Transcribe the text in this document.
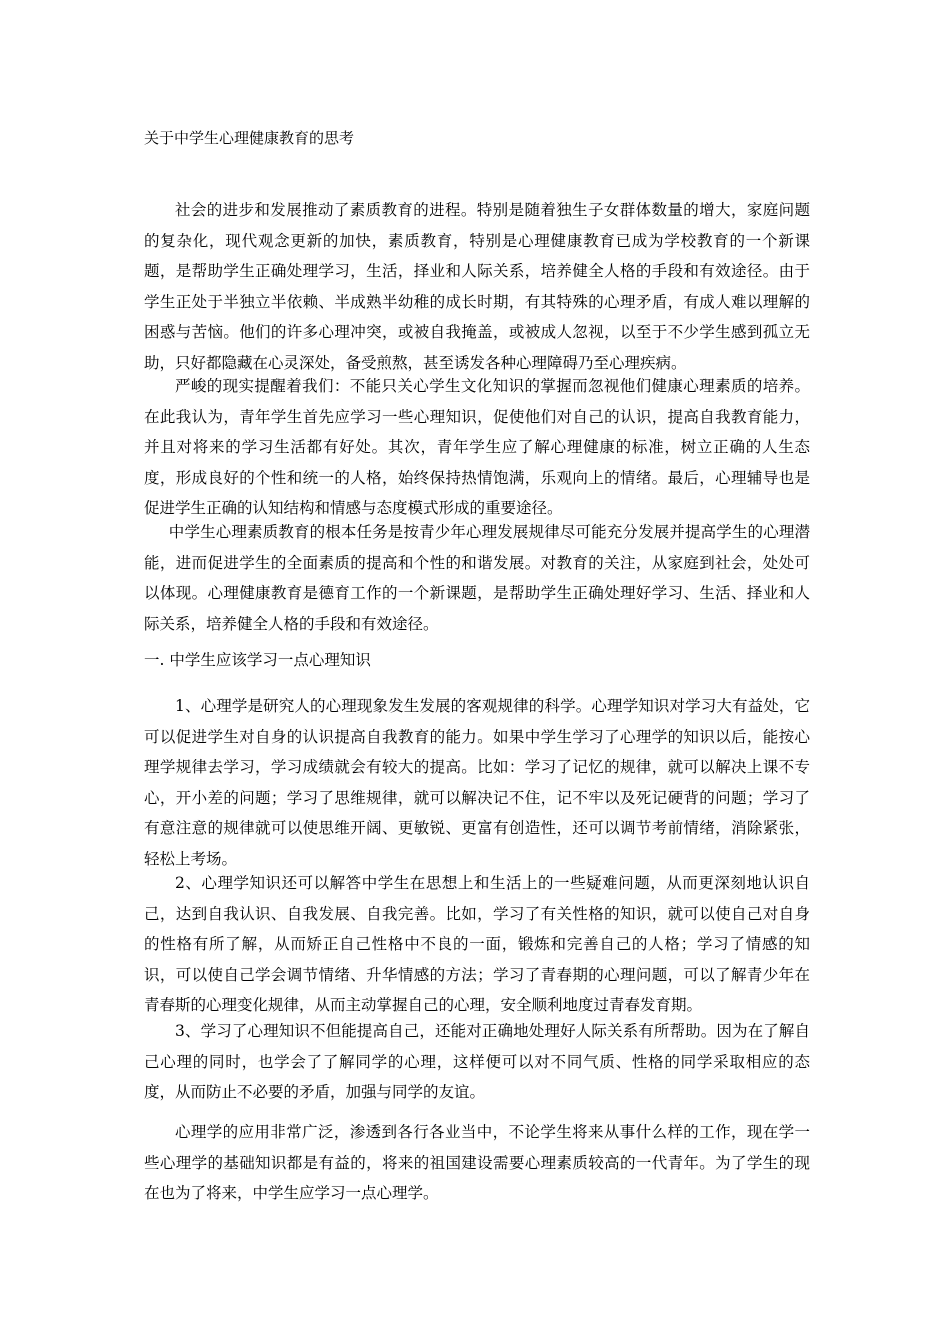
关于中学生心理健康教育的思考

社会的进步和发展推动了素质教育的进程。特别是随着独生子女群体数量的增大，家庭问题的复杂化，现代观念更新的加快，素质教育，特别是心理健康教育已成为学校教育的一个新课题，是帮助学生正确处理学习，生活，择业和人际关系，培养健全人格的手段和有效途径。由于学生正处于半独立半依赖、半成熟半幼稚的成长时期，有其特殊的心理矛盾，有成人难以理解的困惑与苦恼。他们的许多心理冲突，或被自我掩盖，或被成人忽视，以至于不少学生感到孤立无助，只好都隐藏在心灵深处，备受煎熬，甚至诱发各种心理障碍乃至心理疾病。

严峻的现实提醒着我们：不能只关心学生文化知识的掌握而忽视他们健康心理素质的培养。在此我认为，青年学生首先应学习一些心理知识，促使他们对自己的认识，提高自我教育能力，并且对将来的学习生活都有好处。其次，青年学生应了解心理健康的标准，树立正确的人生态度，形成良好的个性和统一的人格，始终保持热情饱满，乐观向上的情绪。最后，心理辅导也是促进学生正确的认知结构和情感与态度模式形成的重要途径。

中学生心理素质教育的根本任务是按青少年心理发展规律尽可能充分发展并提高学生的心理潜能，进而促进学生的全面素质的提高和个性的和谐发展。对教育的关注，从家庭到社会，处处可以体现。心理健康教育是德育工作的一个新课题，是帮助学生正确处理好学习、生活、择业和人际关系，培养健全人格的手段和有效途径。

一. 中学生应该学习一点心理知识

1、心理学是研究人的心理现象发生发展的客观规律的科学。心理学知识对学习大有益处，它可以促进学生对自身的认识提高自我教育的能力。如果中学生学习了心理学的知识以后，能按心理学规律去学习，学习成绩就会有较大的提高。比如：学习了记忆的规律，就可以解决上课不专心，开小差的问题；学习了思维规律，就可以解决记不住，记不牢以及死记硬背的问题；学习了有意注意的规律就可以使思维开阔、更敏锐、更富有创造性，还可以调节考前情绪，消除紧张，轻松上考场。

2、心理学知识还可以解答中学生在思想上和生活上的一些疑难问题，从而更深刻地认识自己，达到自我认识、自我发展、自我完善。比如，学习了有关性格的知识，就可以使自己对自身的性格有所了解，从而矫正自己性格中不良的一面，锻炼和完善自己的人格；学习了情感的知识，可以使自己学会调节情绪、升华情感的方法；学习了青春期的心理问题，可以了解青少年在青春斯的心理变化规律，从而主动掌握自己的心理，安全顺利地度过青春发育期。

3、学习了心理知识不但能提高自己，还能对正确地处理好人际关系有所帮助。因为在了解自己心理的同时，也学会了了解同学的心理，这样便可以对不同气质、性格的同学采取相应的态度，从而防止不必要的矛盾，加强与同学的友谊。

心理学的应用非常广泛，渗透到各行各业当中，不论学生将来从事什么样的工作，现在学一些心理学的基础知识都是有益的，将来的祖国建设需要心理素质较高的一代青年。为了学生的现在也为了将来，中学生应学习一点心理学。
